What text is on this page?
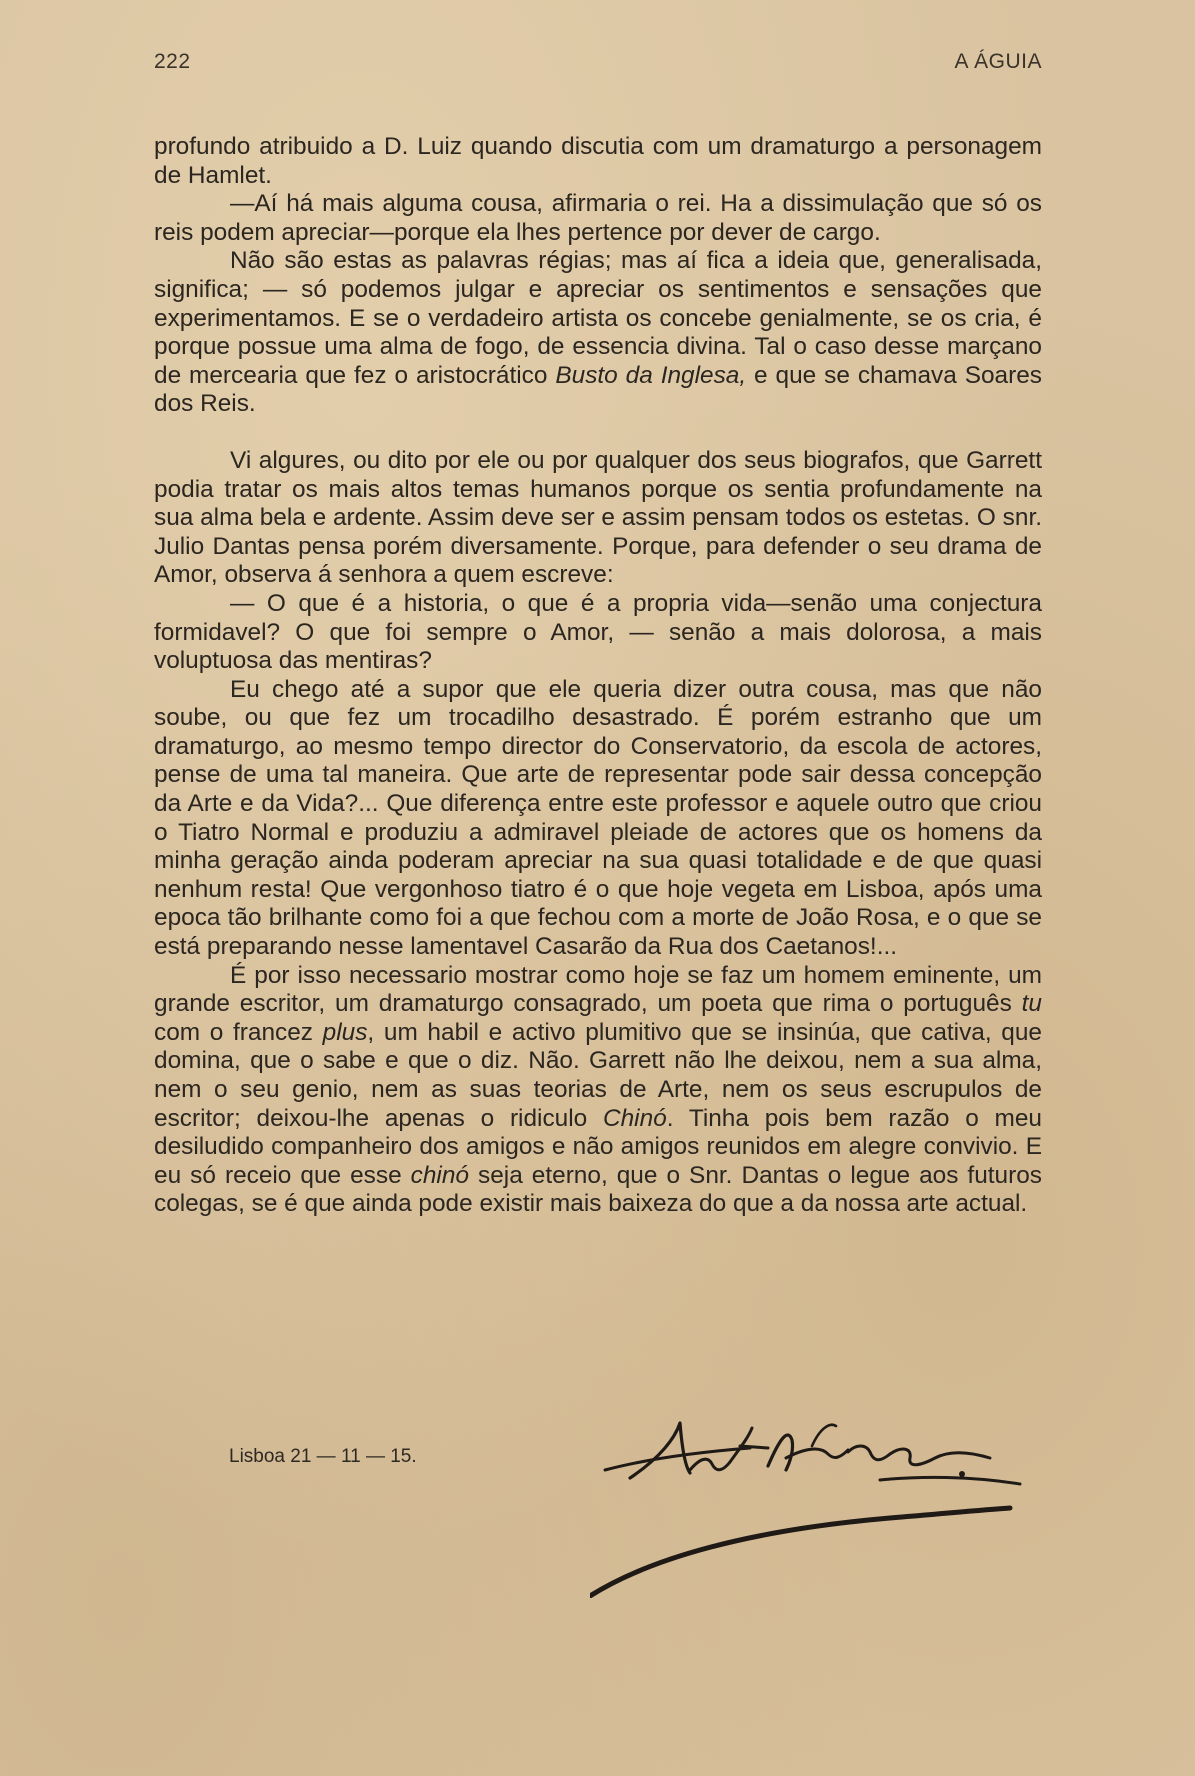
222	A ÁGUIA

profundo atribuido a D. Luiz quando discutia com um dramaturgo a personagem de Hamlet.

—Aí há mais alguma cousa, afirmaria o rei. Ha a dissimulação que só os reis podem apreciar—porque ela lhes pertence por dever de cargo.

Não são estas as palavras régias; mas aí fica a ideia que, generalisada, significa; — só podemos julgar e apreciar os sentimentos e sensações que experimentamos. E se o verdadeiro artista os concebe genialmente, se os cria, é porque possue uma alma de fogo, de essencia divina. Tal o caso desse marçano de mercearia que fez o aristocrático Busto da Inglesa, e que se chamava Soares dos Reis.

Vi algures, ou dito por ele ou por qualquer dos seus biografos, que Garrett podia tratar os mais altos temas humanos porque os sentia profundamente na sua alma bela e ardente. Assim deve ser e assim pensam todos os estetas. O snr. Julio Dantas pensa porém diversamente. Porque, para defender o seu drama de Amor, observa á senhora a quem escreve:

— O que é a historia, o que é a propria vida—senão uma conjectura formidavel? O que foi sempre o Amor, — senão a mais dolorosa, a mais voluptuosa das mentiras?

Eu chego até a supor que ele queria dizer outra cousa, mas que não soube, ou que fez um trocadilho desastrado. É porém estranho que um dramaturgo, ao mesmo tempo director do Conservatorio, da escola de actores, pense de uma tal maneira. Que arte de representar pode sair dessa concepção da Arte e da Vida?... Que diferença entre este professor e aquele outro que criou o Tiatro Normal e produziu a admiravel pleiade de actores que os homens da minha geração ainda poderam apreciar na sua quasi totalidade e de que quasi nenhum resta! Que vergonhoso tiatro é o que hoje vegeta em Lisboa, após uma epoca tão brilhante como foi a que fechou com a morte de João Rosa, e o que se está preparando nesse lamentavel Casarão da Rua dos Caetanos!...

É por isso necessario mostrar como hoje se faz um homem eminente, um grande escritor, um dramaturgo consagrado, um poeta que rima o português tu com o francez plus, um habil e activo plumitivo que se insinúa, que cativa, que domina, que o sabe e que o diz. Não. Garrett não lhe deixou, nem a sua alma, nem o seu genio, nem as suas teorias de Arte, nem os seus escrupulos de escritor; deixou-lhe apenas o ridiculo Chinó. Tinha pois bem razão o meu desiludido companheiro dos amigos e não amigos reunidos em alegre convivio. E eu só receio que esse chinó seja eterno, que o Snr. Dantas o legue aos futuros colegas, se é que ainda pode existir mais baixeza do que a da nossa arte actual.

Lisboa 21 — 11 — 15.
